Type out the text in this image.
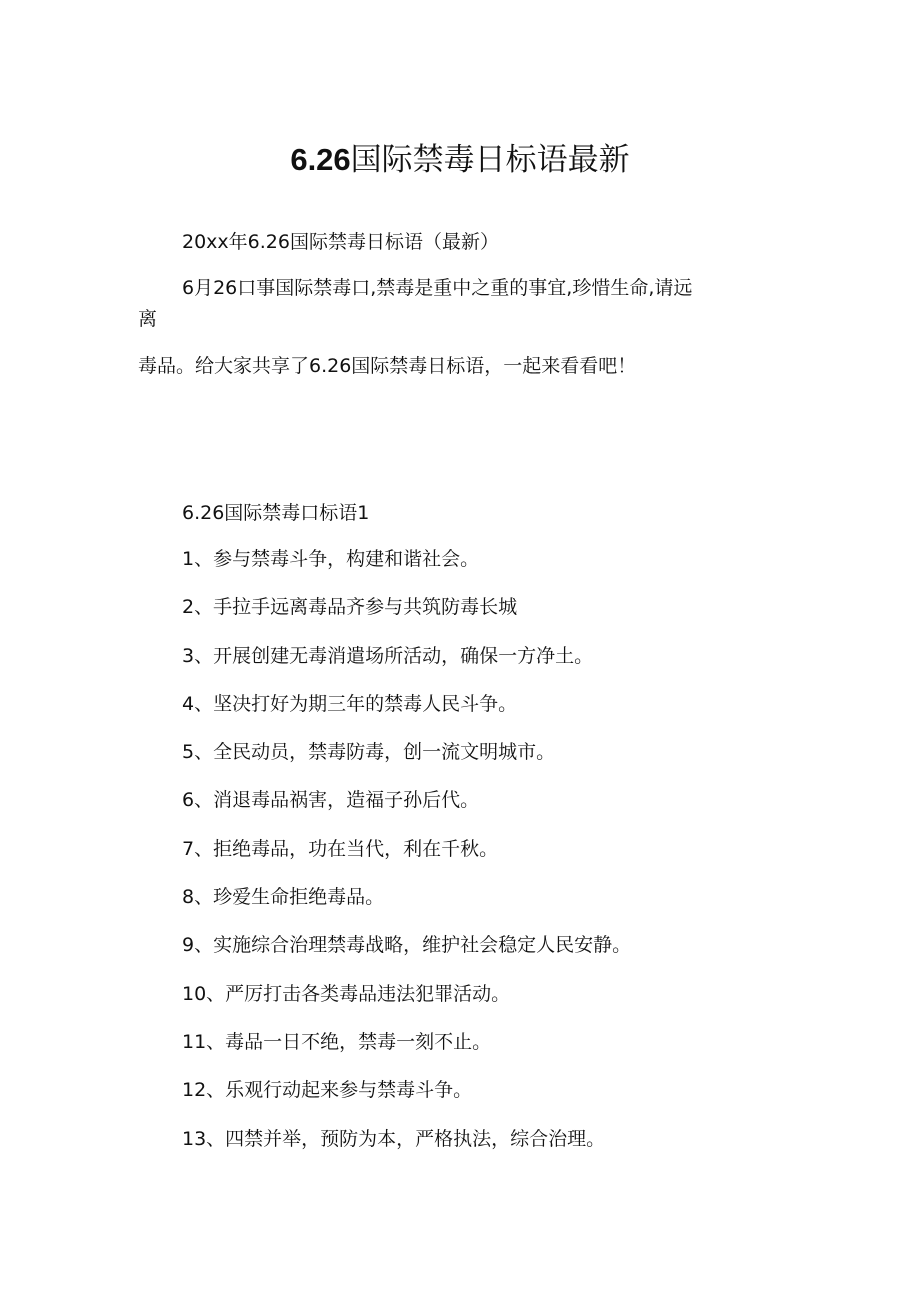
6.26国际禁毒日标语最新
20xx年6.26国际禁毒日标语（最新）
6月26口事国际禁毒口,禁毒是重中之重的事宜,珍惜生命,请远
离
毒品。给大家共享了6.26国际禁毒日标语，一起来看看吧！
6.26国际禁毒口标语1
1、参与禁毒斗争，构建和谐社会。
2、手拉手远离毒品齐参与共筑防毒长城
3、开展创建无毒消遣场所活动，确保一方净土。
4、坚决打好为期三年的禁毒人民斗争。
5、全民动员，禁毒防毒，创一流文明城市。
6、消退毒品祸害，造福子孙后代。
7、拒绝毒品，功在当代，利在千秋。
8、珍爱生命拒绝毒品。
9、实施综合治理禁毒战略，维护社会稳定人民安静。
10、严厉打击各类毒品违法犯罪活动。
11、毒品一日不绝，禁毒一刻不止。
12、乐观行动起来参与禁毒斗争。
13、四禁并举，预防为本，严格执法，综合治理。
